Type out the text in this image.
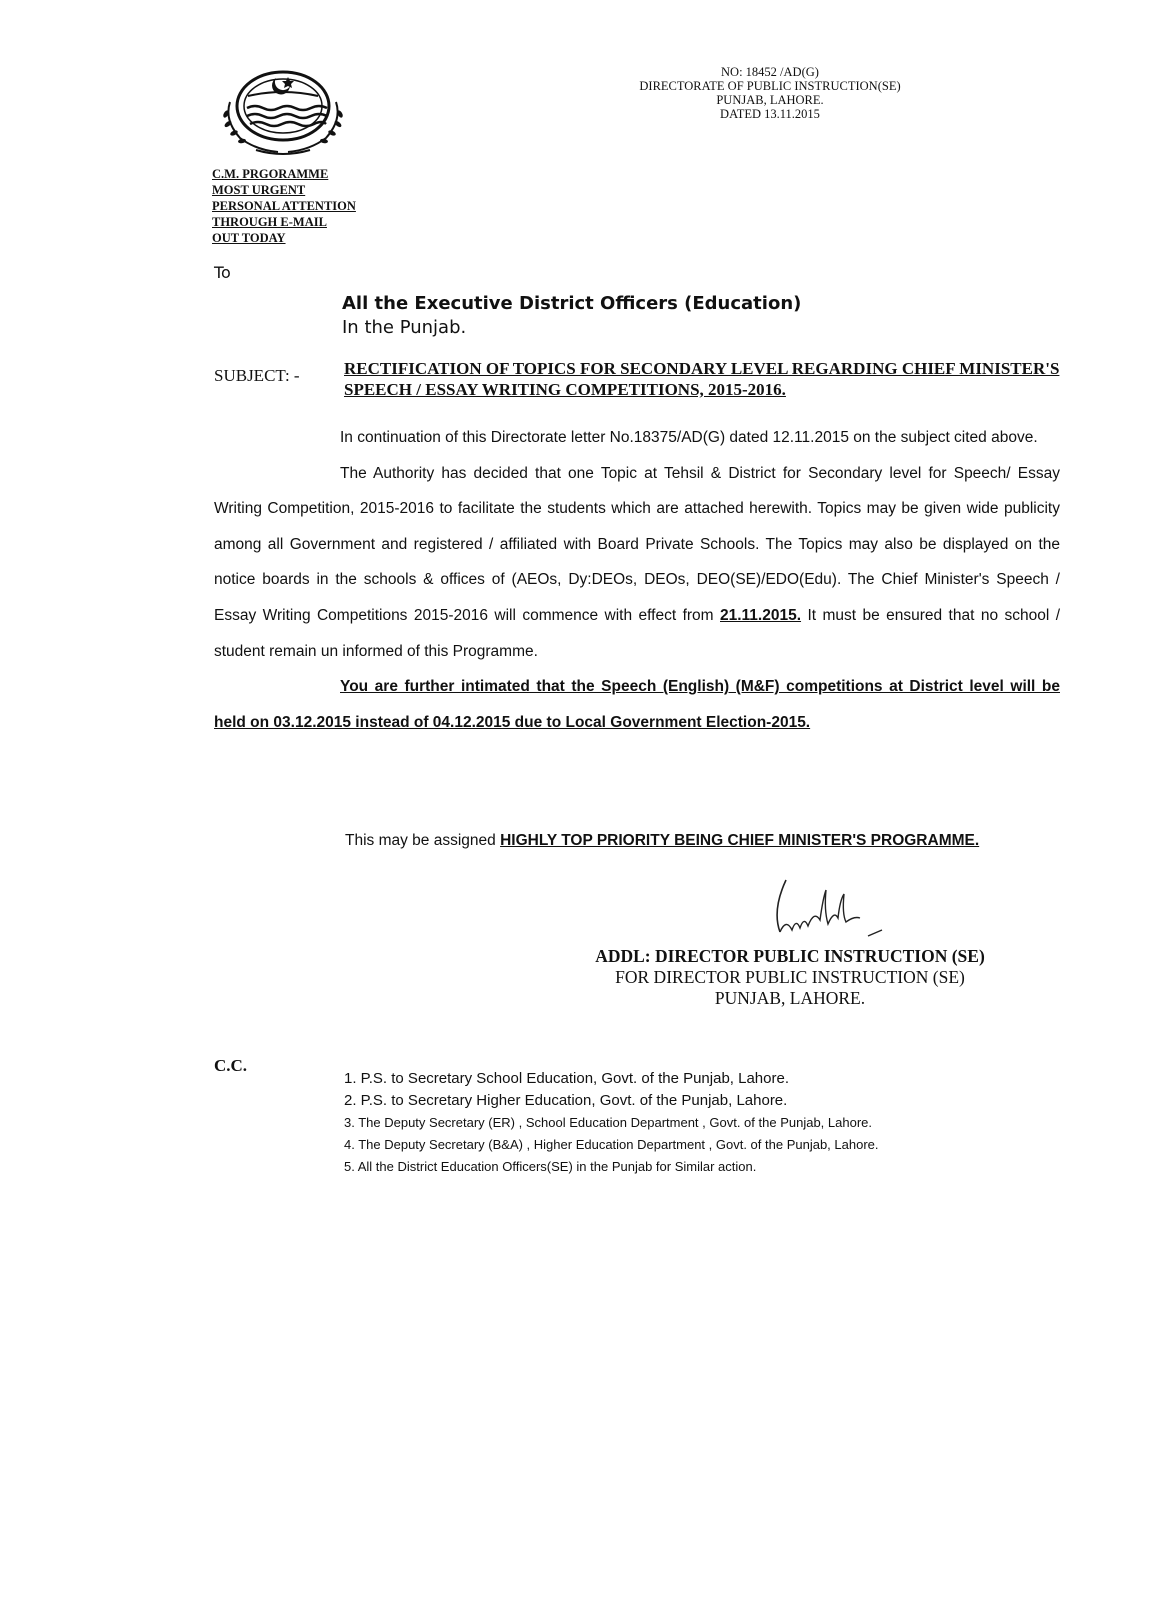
NO: 18452 /AD(G)
DIRECTORATE OF PUBLIC INSTRUCTION(SE)
PUNJAB, LAHORE.
DATED 13.11.2015
C.M. PRGORAMME
MOST URGENT
PERSONAL ATTENTION
THROUGH E-MAIL
OUT TODAY
To
All the Executive District Officers (Education)
In the Punjab.
SUBJECT: -	RECTIFICATION OF TOPICS FOR SECONDARY LEVEL REGARDING CHIEF MINISTER'S SPEECH / ESSAY WRITING COMPETITIONS, 2015-2016.

In continuation of this Directorate letter No.18375/AD(G) dated 12.11.2015 on the subject cited above.

The Authority has decided that one Topic at Tehsil & District for Secondary level for Speech/ Essay Writing Competition, 2015-2016 to facilitate the students which are attached herewith. Topics may be given wide publicity among all Government and registered / affiliated with Board Private Schools. The Topics may also be displayed on the notice boards in the schools & offices of (AEOs, Dy:DEOs, DEOs, DEO(SE)/EDO(Edu). The Chief Minister's Speech / Essay Writing Competitions 2015-2016 will commence with effect from 21.11.2015. It must be ensured that no school / student remain un informed of this Programme.

You are further intimated that the Speech (English) (M&F) competitions at District level will be held on 03.12.2015 instead of 04.12.2015 due to Local Government Election-2015.

This may be assigned HIGHLY TOP PRIORITY BEING CHIEF MINISTER'S PROGRAMME.
ADDL: DIRECTOR PUBLIC INSTRUCTION (SE)
FOR DIRECTOR PUBLIC INSTRUCTION (SE)
PUNJAB, LAHORE.
C.C.
1. P.S. to Secretary School Education, Govt. of the Punjab, Lahore.
2. P.S. to Secretary Higher Education, Govt. of the Punjab, Lahore.
3. The Deputy Secretary (ER) , School Education Department , Govt. of the Punjab, Lahore.
4. The Deputy Secretary (B&A) , Higher Education Department , Govt. of the Punjab, Lahore.
5. All the District Education Officers(SE) in the Punjab for Similar action.
